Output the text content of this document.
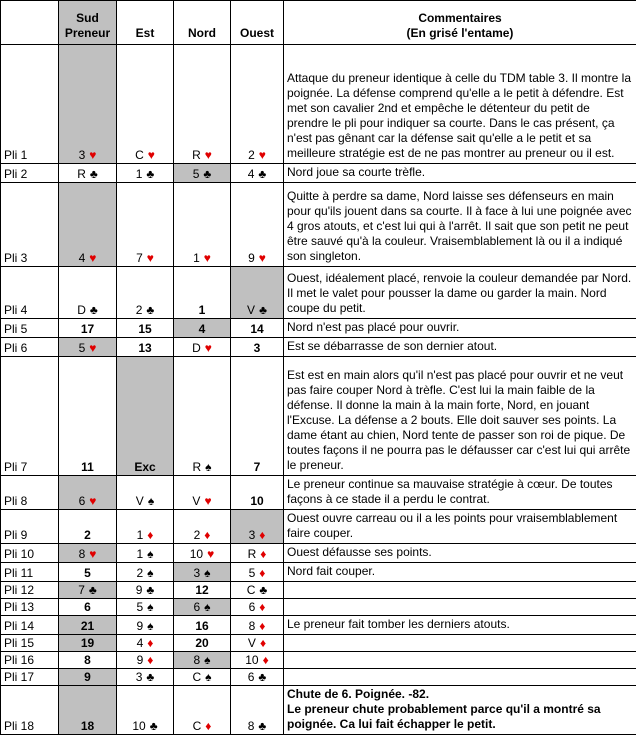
	Sud Preneur	Est	Nord	Ouest	Commentaires
(En grisé l'entame)
Pli 1	3 ♥	C ♥	R ♥	2 ♥	Attaque du preneur identique à celle du TDM table 3. Il montre la poignée. La défense comprend qu'elle a le petit à défendre. Est met son cavalier 2nd et empêche le détenteur du petit de prendre le pli pour indiquer sa courte. Dans le cas présent, ça n'est pas gênant car la défense sait qu'elle a le petit et sa meilleure stratégie est de ne pas montrer au preneur ou il est.
Pli 2	R ♣	1 ♣	5 ♣	4 ♣	Nord joue sa courte trèfle.
Pli 3	4 ♥	7 ♥	1 ♥	9 ♥	Quitte à perdre sa dame, Nord laisse ses défenseurs en main pour qu'ils jouent dans sa courte. Il à face à lui une poignée avec 4 gros atouts, et c'est lui qui à l'arrêt. Il sait que son petit ne peut être sauvé qu'à la couleur. Vraisemblablement là ou il a indiqué son singleton.
Pli 4	D ♣	2 ♣	1	V ♣	Ouest, idéalement placé, renvoie la couleur demandée par Nord. Il met le valet pour pousser la dame ou garder la main. Nord coupe du petit.
Pli 5	17	15	4	14	Nord n'est pas placé pour ouvrir.
Pli 6	5 ♥	13	D ♥	3	Est se débarrasse de son dernier atout.
Pli 7	11	Exc	R ♠	7	Est est en main alors qu'il n'est pas placé pour ouvrir et ne veut pas faire couper Nord à trèfle. C'est lui la main faible de la défense. Il donne la main à la main forte, Nord, en jouant l'Excuse. La défense a 2 bouts. Elle doit sauver ses points. La dame étant au chien, Nord tente de passer son roi de pique. De toutes façons il ne pourra pas le défausser car c'est lui qui arrête le preneur.
Pli 8	6 ♥	V ♠	V ♥	10	Le preneur continue sa mauvaise stratégie à cœur. De toutes façons à ce stade il a perdu le contrat.
Pli 9	2	1 ♦	2 ♦	3 ♦	Ouest ouvre carreau ou il a les points pour vraisemblablement faire couper.
Pli 10	8 ♥	1 ♠	10 ♥	R ♦	Ouest défausse ses points.
Pli 11	5	2 ♠	3 ♠	5 ♦	Nord fait couper.
Pli 12	7 ♣	9 ♣	12	C ♣	
Pli 13	6	5 ♠	6 ♠	6 ♦	
Pli 14	21	9 ♠	16	8 ♦	Le preneur fait tomber les derniers atouts.
Pli 15	19	4 ♦	20	V ♦	
Pli 16	8	9 ♦	8 ♠	10 ♦	
Pli 17	9	3 ♣	C ♠	6 ♣	
Pli 18	18	10 ♣	C ♦	8 ♣	Chute de 6. Poignée. -82.
Le preneur chute probablement parce qu'il a montré sa poignée. Ca lui fait échapper le petit.
